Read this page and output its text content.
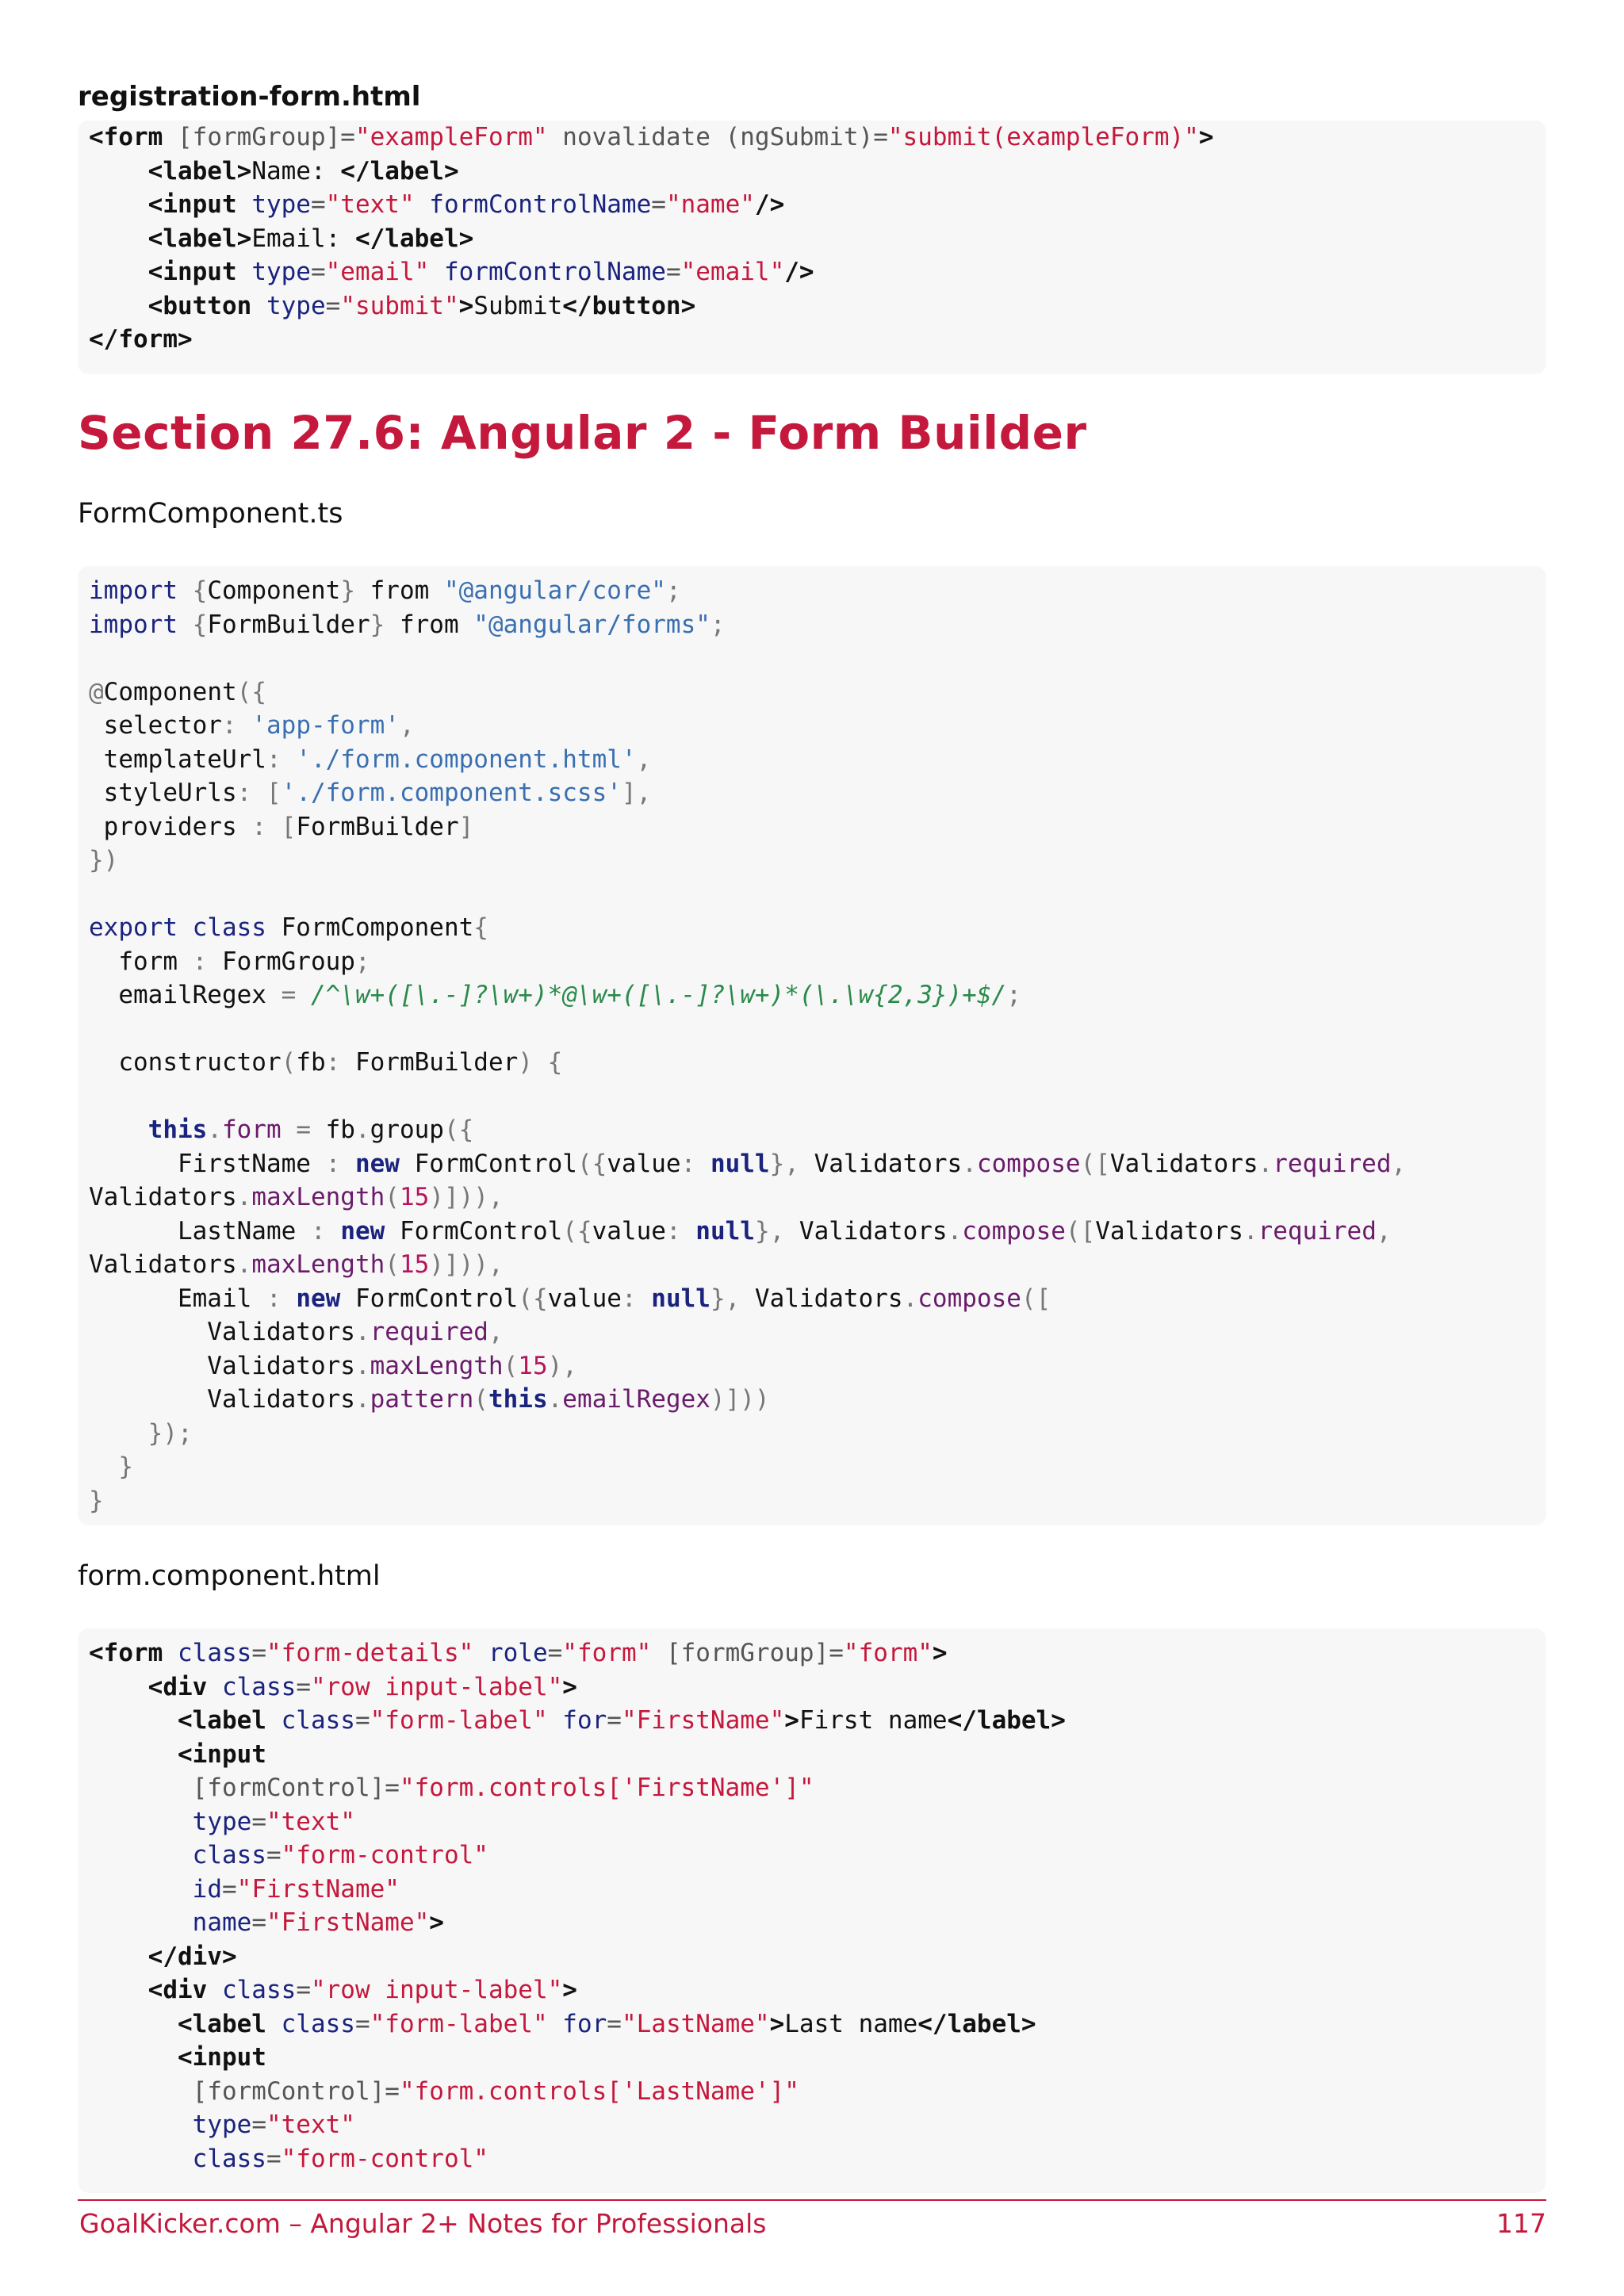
registration-form.html
<form [formGroup]="exampleForm" novalidate (ngSubmit)="submit(exampleForm)">
<label>Name: </label>
<input type="text" formControlName="name"/>
<label>Email: </label>
<input type="email" formControlName="email"/>
<button type="submit">Submit</button>
</form>
Section 27.6: Angular 2 - Form Builder
FormComponent.ts
import {Component} from "@angular/core";
import {FormBuilder} from "@angular/forms";

@Component({
selector: 'app-form',
templateUrl: './form.component.html',
styleUrls: ['./form.component.scss'],
providers : [FormBuilder]
})

export class FormComponent{
form : FormGroup;
emailRegex = /^\w+([\.-]?\w+)*@\w+([\.-]?\w+)*(\.\w{2,3})+$/;

constructor(fb: FormBuilder) {

this.form = fb.group({
FirstName : new FormControl({value: null}, Validators.compose([Validators.required,
Validators.maxLength(15)])),
LastName : new FormControl({value: null}, Validators.compose([Validators.required,
Validators.maxLength(15)])),
Email : new FormControl({value: null}, Validators.compose([
Validators.required,
Validators.maxLength(15),
Validators.pattern(this.emailRegex)]))
});
}
}
form.component.html
<form class="form-details" role="form" [formGroup]="form">
<div class="row input-label">
<label class="form-label" for="FirstName">First name</label>
<input
[formControl]="form.controls['FirstName']"
type="text"
class="form-control"
id="FirstName"
name="FirstName">
</div>
<div class="row input-label">
<label class="form-label" for="LastName">Last name</label>
<input
[formControl]="form.controls['LastName']"
type="text"
class="form-control"
GoalKicker.com – Angular 2+ Notes for Professionals	117
